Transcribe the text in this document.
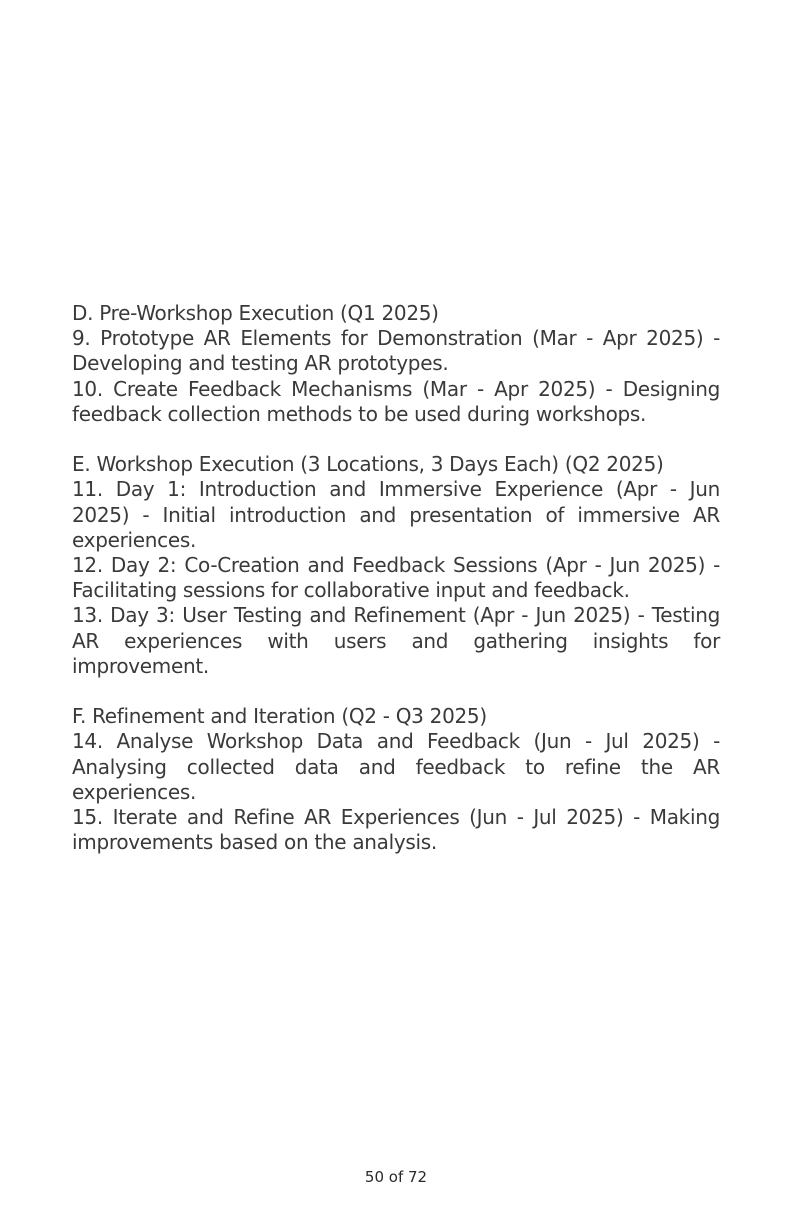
D. Pre-Workshop Execution (Q1 2025)

9. Prototype AR Elements for Demonstration (Mar - Apr 2025) - Developing and testing AR prototypes.

10. Create Feedback Mechanisms (Mar - Apr 2025) - Designing feedback collection methods to be used during workshops.

E. Workshop Execution (3 Locations, 3 Days Each) (Q2 2025)

11. Day 1: Introduction and Immersive Experience (Apr - Jun 2025) - Initial introduction and presentation of immersive AR experiences.

12. Day 2: Co-Creation and Feedback Sessions (Apr - Jun 2025) - Facilitating sessions for collaborative input and feedback.

13. Day 3: User Testing and Refinement (Apr - Jun 2025) - Testing AR experiences with users and gathering insights for improvement.

F. Refinement and Iteration (Q2 - Q3 2025)

14. Analyse Workshop Data and Feedback (Jun - Jul 2025) - Analysing collected data and feedback to refine the AR experiences.

15. Iterate and Refine AR Experiences (Jun - Jul 2025) - Making improvements based on the analysis.

50 of 72
